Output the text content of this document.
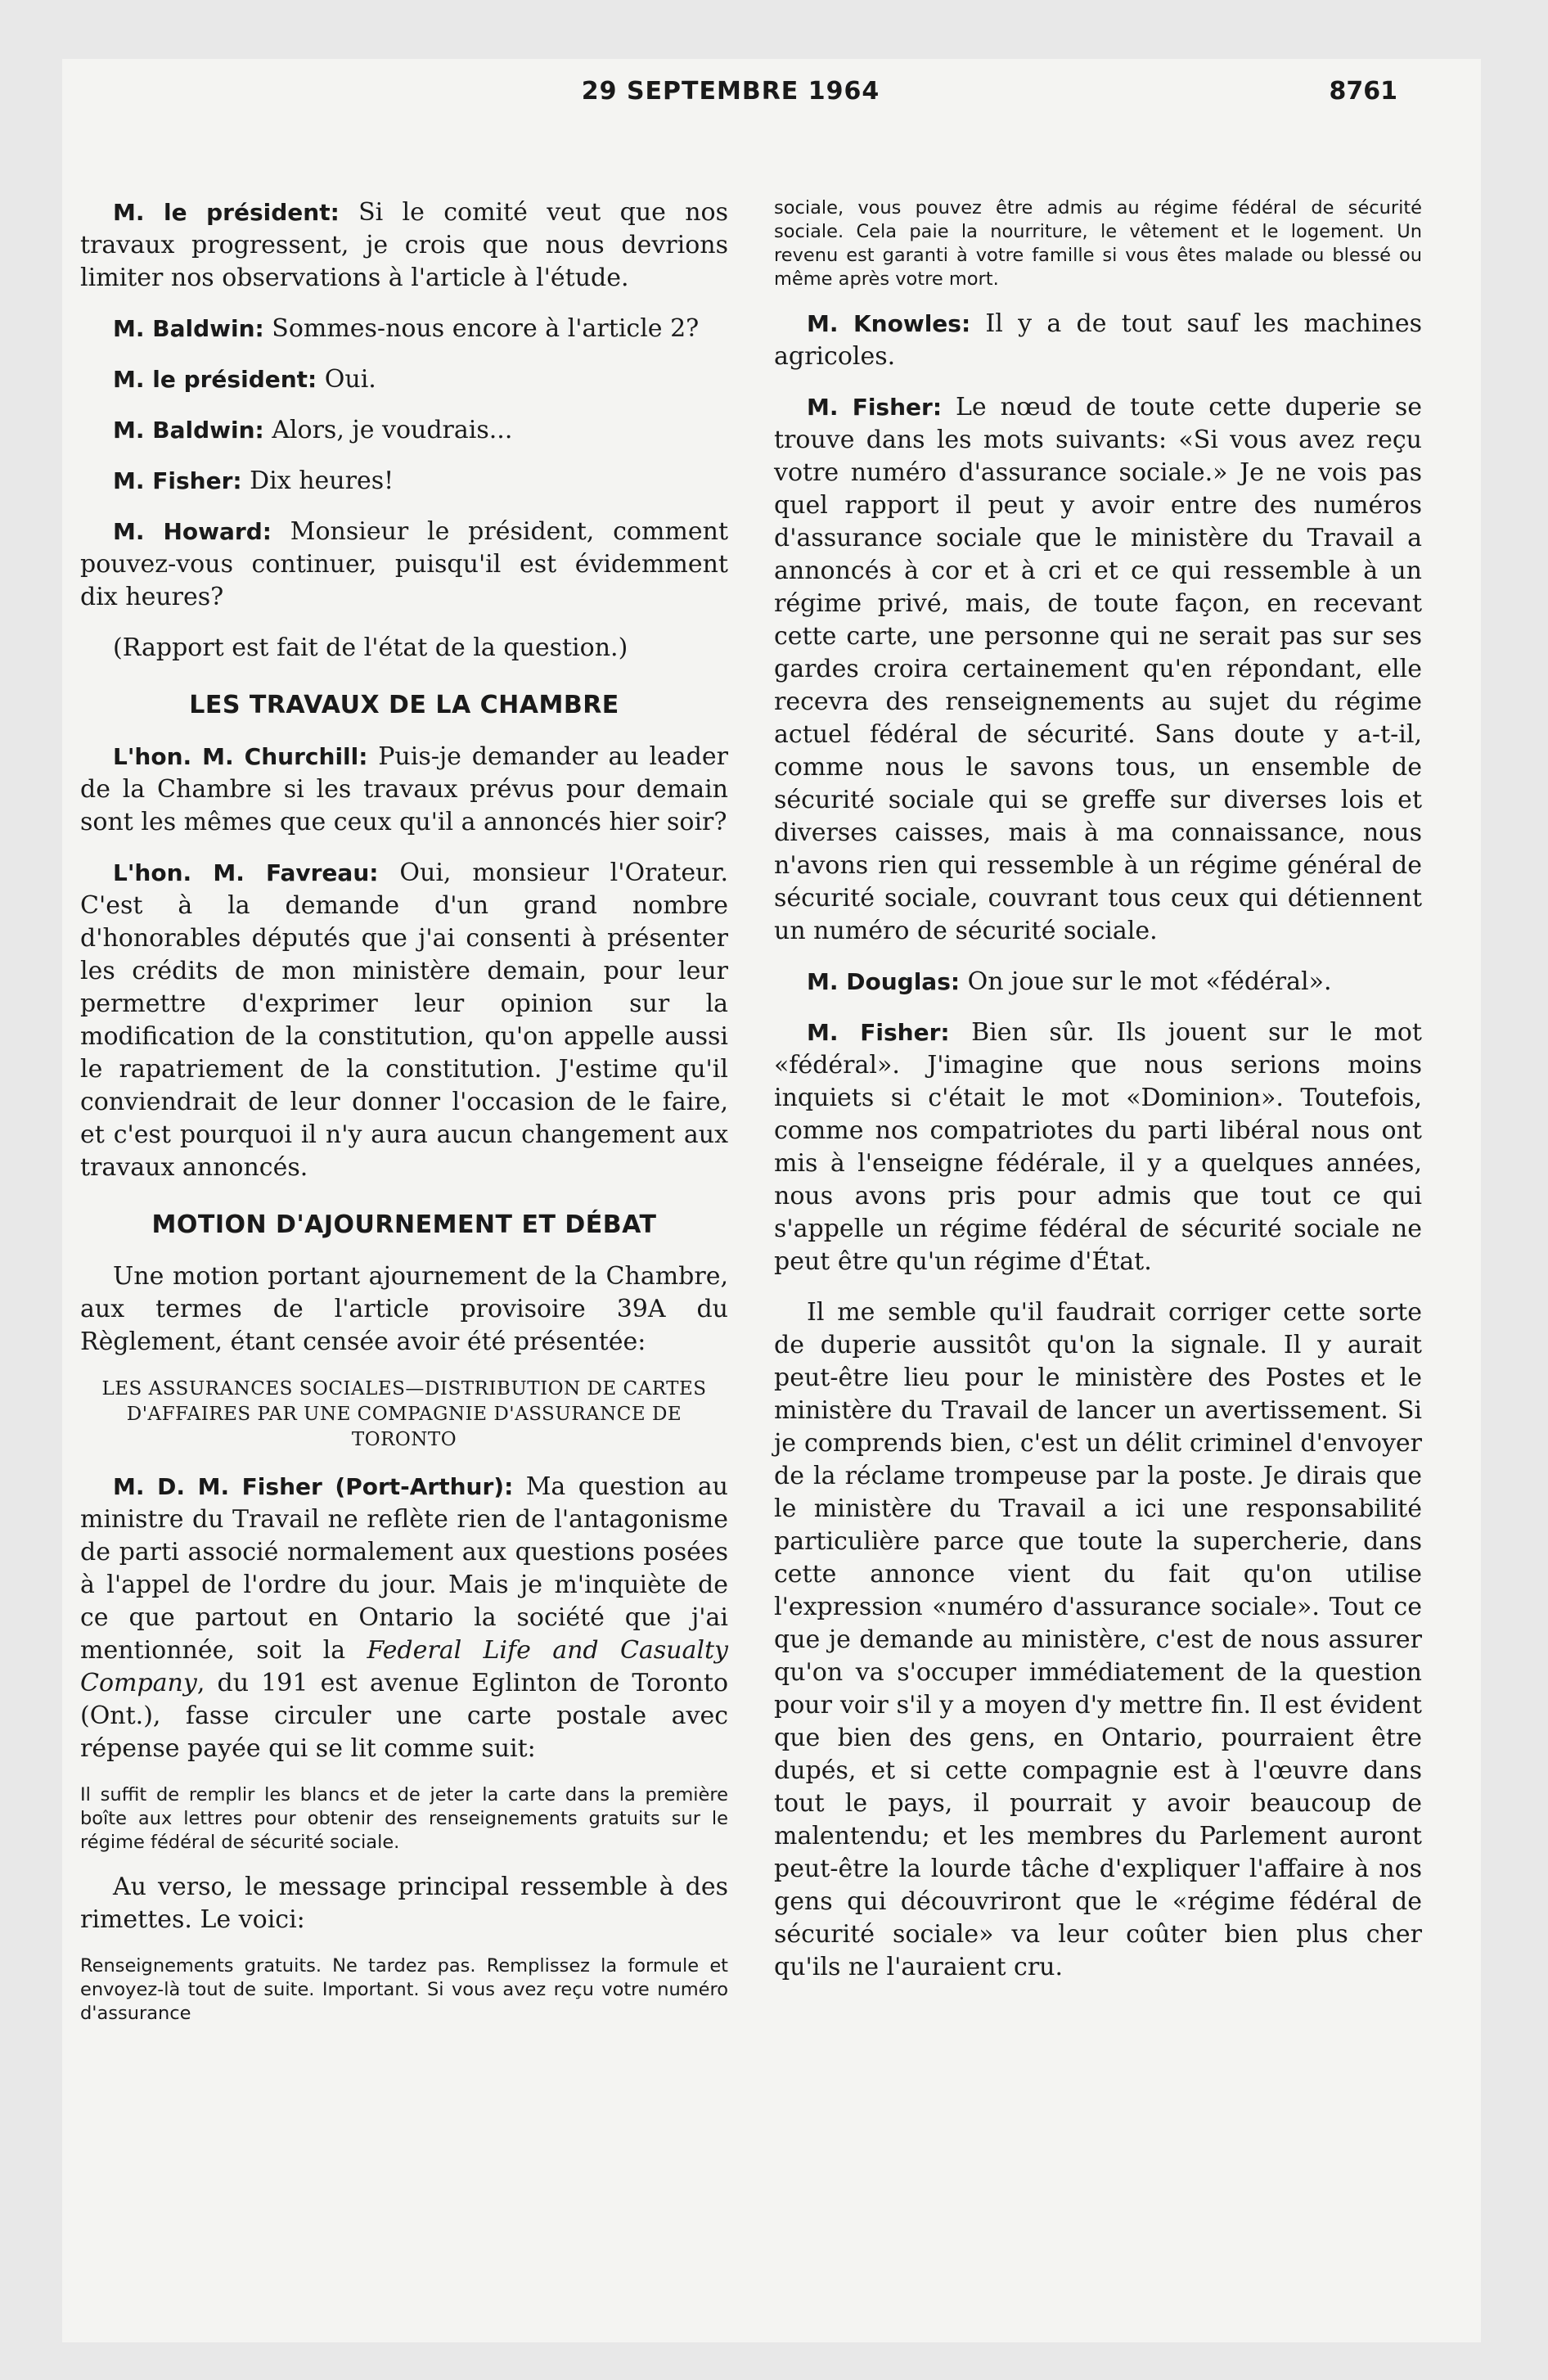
29 SEPTEMBRE 1964	8761

M. le président: Si le comité veut que nos travaux progressent, je crois que nous devrions limiter nos observations à l'article à l'étude.

M. Baldwin: Sommes-nous encore à l'article 2?

M. le président: Oui.

M. Baldwin: Alors, je voudrais...

M. Fisher: Dix heures!

M. Howard: Monsieur le président, comment pouvez-vous continuer, puisqu'il est évidemment dix heures?

(Rapport est fait de l'état de la question.)

LES TRAVAUX DE LA CHAMBRE

L'hon. M. Churchill: Puis-je demander au leader de la Chambre si les travaux prévus pour demain sont les mêmes que ceux qu'il a annoncés hier soir?

L'hon. M. Favreau: Oui, monsieur l'Orateur. C'est à la demande d'un grand nombre d'honorables députés que j'ai consenti à présenter les crédits de mon ministère demain, pour leur permettre d'exprimer leur opinion sur la modification de la constitution, qu'on appelle aussi le rapatriement de la constitution. J'estime qu'il conviendrait de leur donner l'occasion de le faire, et c'est pourquoi il n'y aura aucun changement aux travaux annoncés.

MOTION D'AJOURNEMENT ET DÉBAT

Une motion portant ajournement de la Chambre, aux termes de l'article provisoire 39A du Règlement, étant censée avoir été présentée:

LES ASSURANCES SOCIALES—DISTRIBUTION DE CARTES D'AFFAIRES PAR UNE COMPAGNIE D'ASSURANCE DE TORONTO

M. D. M. Fisher (Port-Arthur): Ma question au ministre du Travail ne reflète rien de l'antagonisme de parti associé normalement aux questions posées à l'appel de l'ordre du jour. Mais je m'inquiète de ce que partout en Ontario la société que j'ai mentionnée, soit la Federal Life and Casualty Company, du 191 est avenue Eglinton de Toronto (Ont.), fasse circuler une carte postale avec répense payée qui se lit comme suit:

Il suffit de remplir les blancs et de jeter la carte dans la première boîte aux lettres pour obtenir des renseignements gratuits sur le régime fédéral de sécurité sociale.

Au verso, le message principal ressemble à des rimettes. Le voici:

Renseignements gratuits. Ne tardez pas. Remplissez la formule et envoyez-là tout de suite. Important. Si vous avez reçu votre numéro d'assurance

sociale, vous pouvez être admis au régime fédéral de sécurité sociale. Cela paie la nourriture, le vêtement et le logement. Un revenu est garanti à votre famille si vous êtes malade ou blessé ou même après votre mort.

M. Knowles: Il y a de tout sauf les machines agricoles.

M. Fisher: Le nœud de toute cette duperie se trouve dans les mots suivants: «Si vous avez reçu votre numéro d'assurance sociale.» Je ne vois pas quel rapport il peut y avoir entre des numéros d'assurance sociale que le ministère du Travail a annoncés à cor et à cri et ce qui ressemble à un régime privé, mais, de toute façon, en recevant cette carte, une personne qui ne serait pas sur ses gardes croira certainement qu'en répondant, elle recevra des renseignements au sujet du régime actuel fédéral de sécurité. Sans doute y a-t-il, comme nous le savons tous, un ensemble de sécurité sociale qui se greffe sur diverses lois et diverses caisses, mais à ma connaissance, nous n'avons rien qui ressemble à un régime général de sécurité sociale, couvrant tous ceux qui détiennent un numéro de sécurité sociale.

M. Douglas: On joue sur le mot «fédéral».

M. Fisher: Bien sûr. Ils jouent sur le mot «fédéral». J'imagine que nous serions moins inquiets si c'était le mot «Dominion». Toutefois, comme nos compatriotes du parti libéral nous ont mis à l'enseigne fédérale, il y a quelques années, nous avons pris pour admis que tout ce qui s'appelle un régime fédéral de sécurité sociale ne peut être qu'un régime d'État.

Il me semble qu'il faudrait corriger cette sorte de duperie aussitôt qu'on la signale. Il y aurait peut-être lieu pour le ministère des Postes et le ministère du Travail de lancer un avertissement. Si je comprends bien, c'est un délit criminel d'envoyer de la réclame trompeuse par la poste. Je dirais que le ministère du Travail a ici une responsabilité particulière parce que toute la supercherie, dans cette annonce vient du fait qu'on utilise l'expression «numéro d'assurance sociale». Tout ce que je demande au ministère, c'est de nous assurer qu'on va s'occuper immédiatement de la question pour voir s'il y a moyen d'y mettre fin. Il est évident que bien des gens, en Ontario, pourraient être dupés, et si cette compagnie est à l'œuvre dans tout le pays, il pourrait y avoir beaucoup de malentendu; et les membres du Parlement auront peut-être la lourde tâche d'expliquer l'affaire à nos gens qui découvriront que le «régime fédéral de sécurité sociale» va leur coûter bien plus cher qu'ils ne l'auraient cru.
